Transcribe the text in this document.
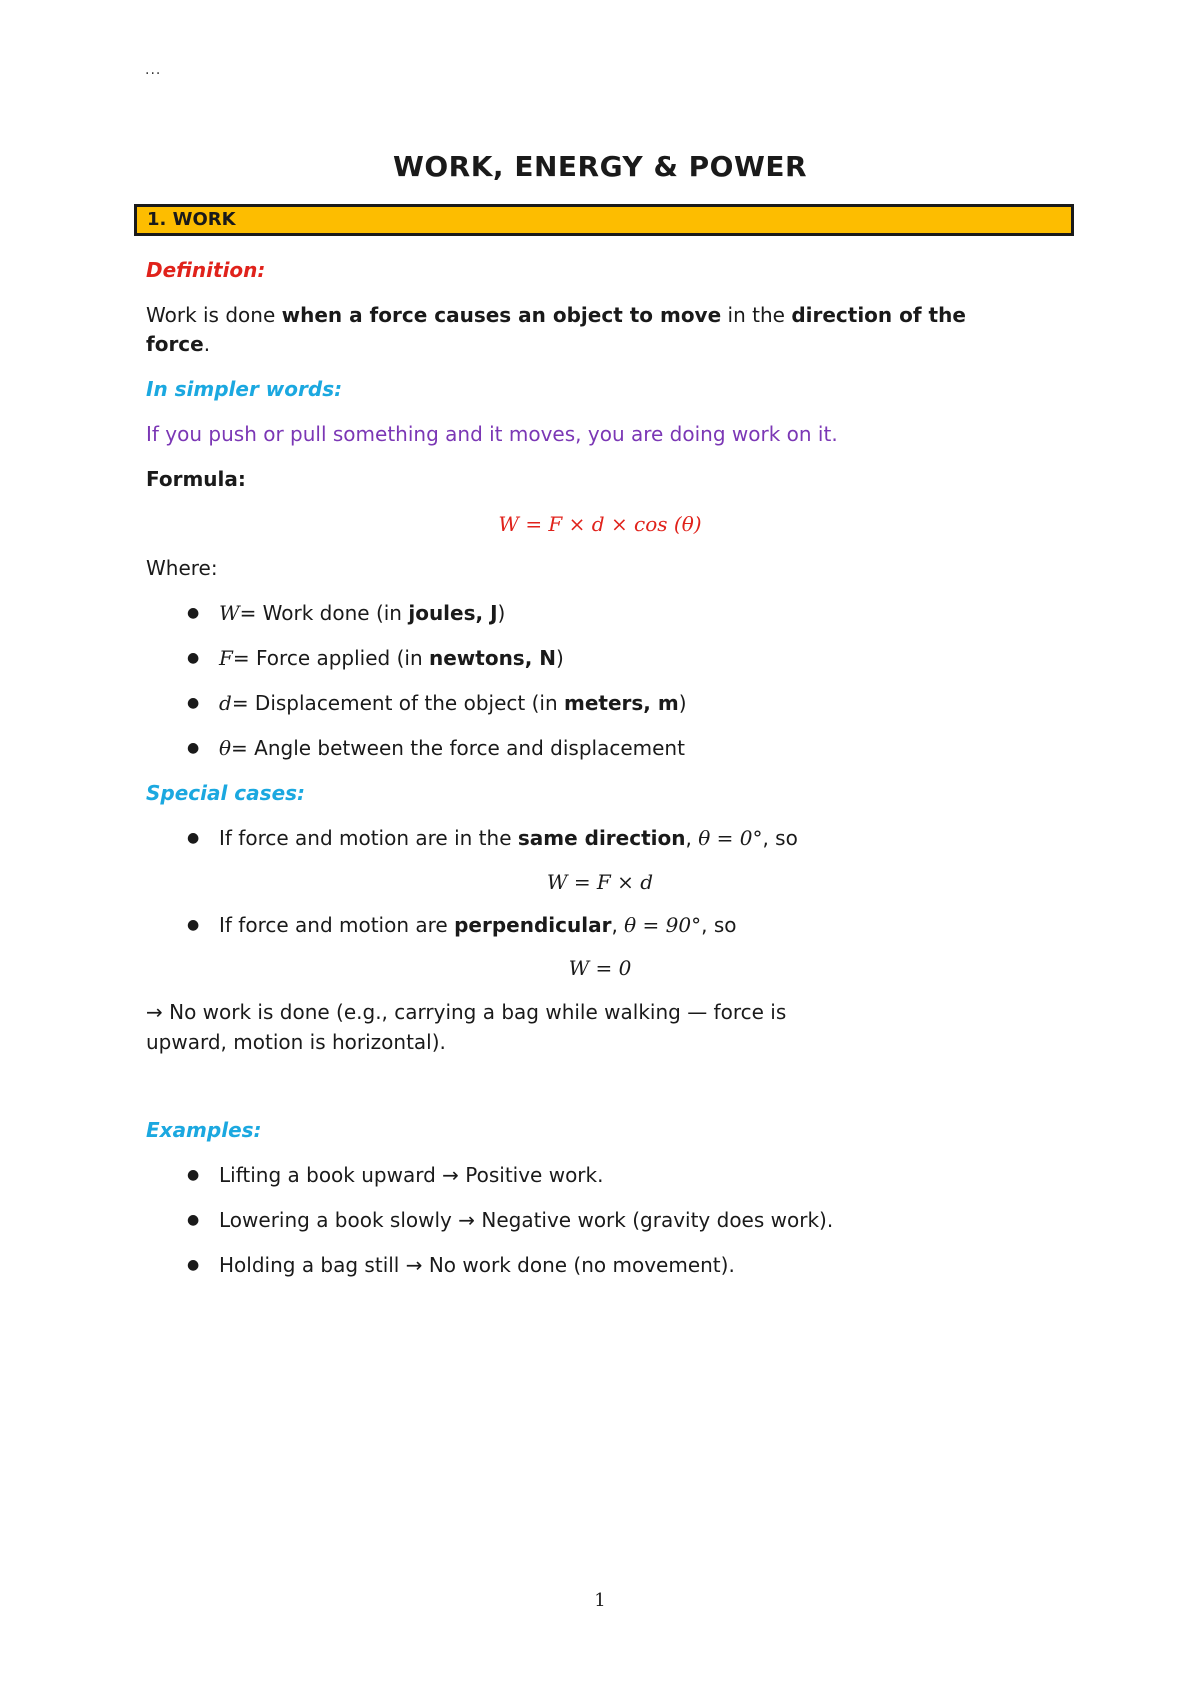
...
WORK, ENERGY & POWER
1. WORK
Definition:
Work is done when a force causes an object to move in the direction of the
force.
In simpler words:
If you push or pull something and it moves, you are doing work on it.
Formula:
W = F × d × cos (θ)
Where:
● W= Work done (in joules, J)
● F= Force applied (in newtons, N)
● d= Displacement of the object (in meters, m)
● θ= Angle between the force and displacement
Special cases:
● If force and motion are in the same direction, θ = 0°, so
W = F × d
● If force and motion are perpendicular, θ = 90°, so
W = 0
→ No work is done (e.g., carrying a bag while walking — force is
upward, motion is horizontal).
Examples:
● Lifting a book upward → Positive work.
● Lowering a book slowly → Negative work (gravity does work).
● Holding a bag still → No work done (no movement).
1
